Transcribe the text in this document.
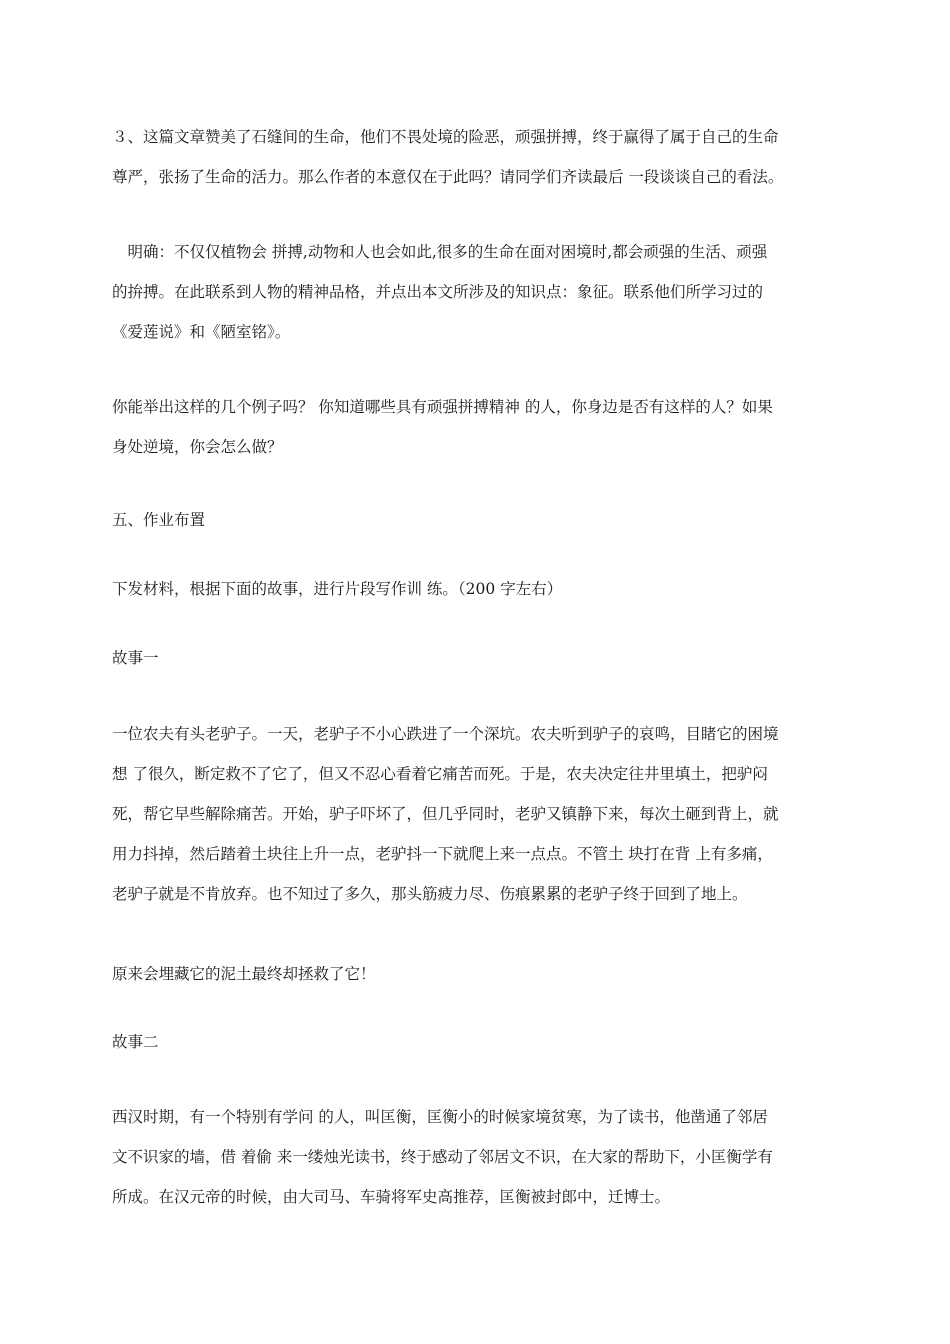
３、这篇文章赞美了石缝间的生命，他们不畏处境的险恶，顽强拼搏，终于赢得了属于自己的生命
尊严，张扬了生命的活力。那么作者的本意仅在于此吗？请同学们齐读最后 一段谈谈自己的看法。

　明确：不仅仅植物会 拼搏,动物和人也会如此,很多的生命在面对困境时,都会顽强的生活、顽强
的拚搏。在此联系到人物的精神品格，并点出本文所涉及的知识点：象征。联系他们所学习过的
《爱莲说》和《陋室铭》。

你能举出这样的几个例子吗？ 你知道哪些具有顽强拼搏精神 的人，你身边是否有这样的人？如果
身处逆境，你会怎么做？

五、作业布置

下发材料，根据下面的故事，进行片段写作训 练。（200 字左右）

故事一

一位农夫有头老驴子。一天，老驴子不小心跌进了一个深坑。农夫听到驴子的哀鸣，目睹它的困境
想 了很久，断定救不了它了，但又不忍心看着它痛苦而死。于是，农夫决定往井里填土，把驴闷
死，帮它早些解除痛苦。开始，驴子吓坏了，但几乎同时，老驴又镇静下来，每次土砸到背上，就
用力抖掉，然后踏着土块往上升一点，老驴抖一下就爬上来一点点。不管土 块打在背 上有多痛，
老驴子就是不肯放弃。也不知过了多久，那头筋疲力尽、伤痕累累的老驴子终于回到了地上。

原来会埋藏它的泥土最终却拯救了它！

故事二

西汉时期，有一个特别有学问 的人，叫匡衡，匡衡小的时候家境贫寒，为了读书，他凿通了邻居
文不识家的墙，借 着偷 来一缕烛光读书，终于感动了邻居文不识，在大家的帮助下，小匡衡学有
所成。在汉元帝的时候，由大司马、车骑将军史高推荐，匡衡被封郎中，迁博士。
